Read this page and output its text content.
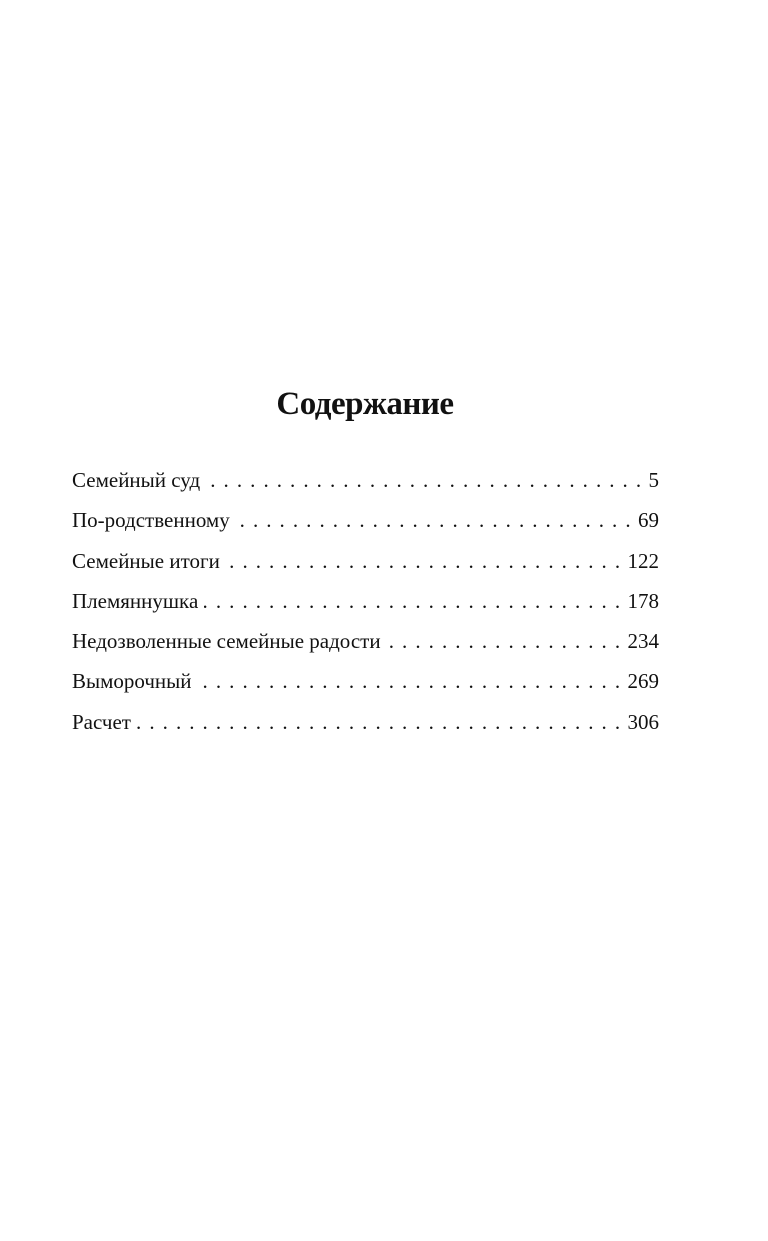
Содержание
Семейный суд . . .	5
По-родственному . . .	69
Семейные итоги . . .	122
Племяннушка . . .	178
Недозволенные семейные радости . . .	234
Выморочный . . .	269
Расчет . . .	306
